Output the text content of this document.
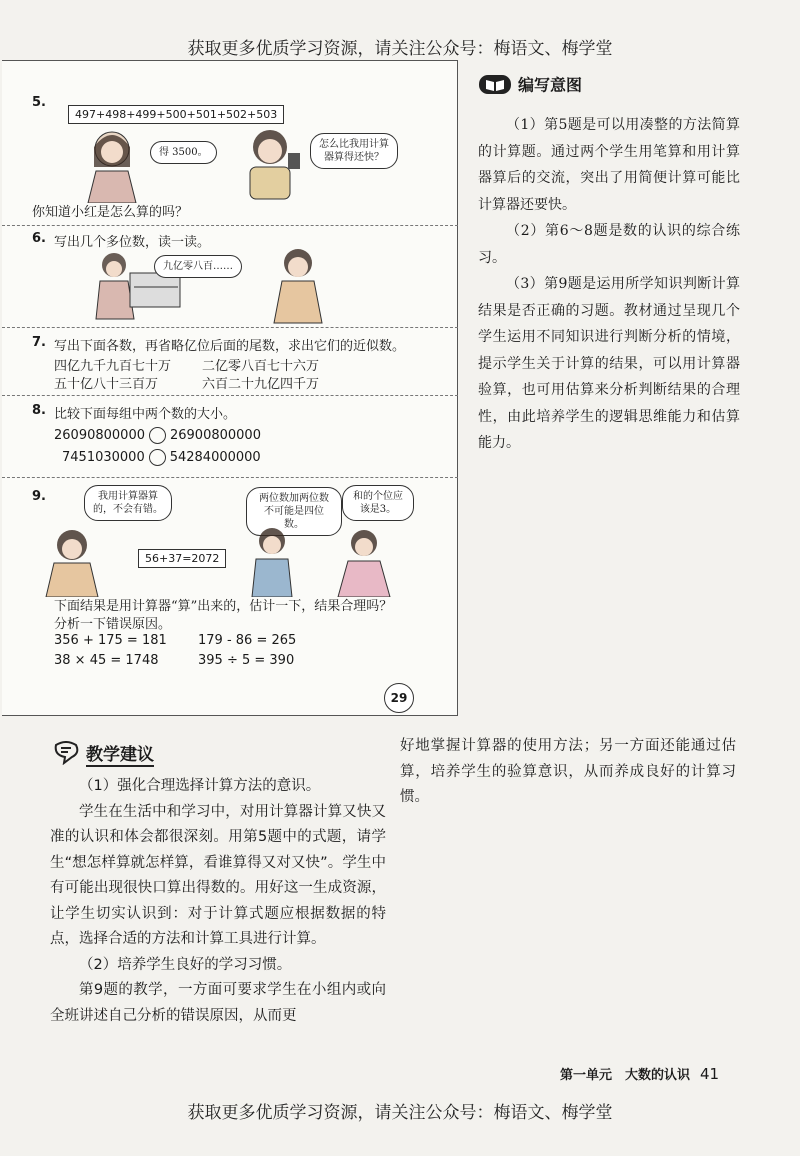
获取更多优质学习资源，请关注公众号：梅语文、梅学堂
5.
497+498+499+500+501+502+503
得 3500。
怎么比我用计算器算得还快？
你知道小红是怎么算的吗？
6. 写出几个多位数，读一读。
九亿零八百……
7. 写出下面各数，再省略亿位后面的尾数，求出它们的近似数。
四亿九千九百七十万 二亿零八百七十六万
五十亿八十三百万	六百二十九亿四千万
8. 比较下面每组中两个数的大小。
26090800000 26900800000
7451030000 54284000000
9.	我用计算器算的，不会有错。
两位数加两位数不可能是四位数。
和的个位应该是3。
56+37=2072
下面结果是用计算器“算”出来的，估计一下，结果合理吗？
分析一下错误原因。
356 + 175 = 181 179 - 86 = 265
38 × 45 = 1748	395 ÷ 5 = 390
29
编写意图

（1）第5题是可以用凑整的方法简算的计算题。通过两个学生用笔算和用计算器算后的交流，突出了用简便计算可能比计算器还要快。

（2）第6～8题是数的认识的综合练习。

（3）第9题是运用所学知识判断计算结果是否正确的习题。教材通过呈现几个学生运用不同知识进行判断分析的情境，提示学生关于计算的结果，可以用计算器验算，也可用估算来分析判断结果的合理性，由此培养学生的逻辑思维能力和估算能力。

教学建议

（1）强化合理选择计算方法的意识。

学生在生活中和学习中，对用计算器计算又快又准的认识和体会都很深刻。用第5题中的式题，请学生“想怎样算就怎样算，看谁算得又对又快”。学生中有可能出现很快口算出得数的。用好这一生成资源，让学生切实认识到：对于计算式题应根据数据的特点，选择合适的方法和计算工具进行计算。

（2）培养学生良好的学习习惯。

第9题的教学，一方面可要求学生在小组内或向全班讲述自己分析的错误原因，从而更

好地掌握计算器的使用方法；另一方面还能通过估算，培养学生的验算意识，从而养成良好的计算习惯。

第一单元　大数的认识 41
获取更多优质学习资源，请关注公众号：梅语文、梅学堂
